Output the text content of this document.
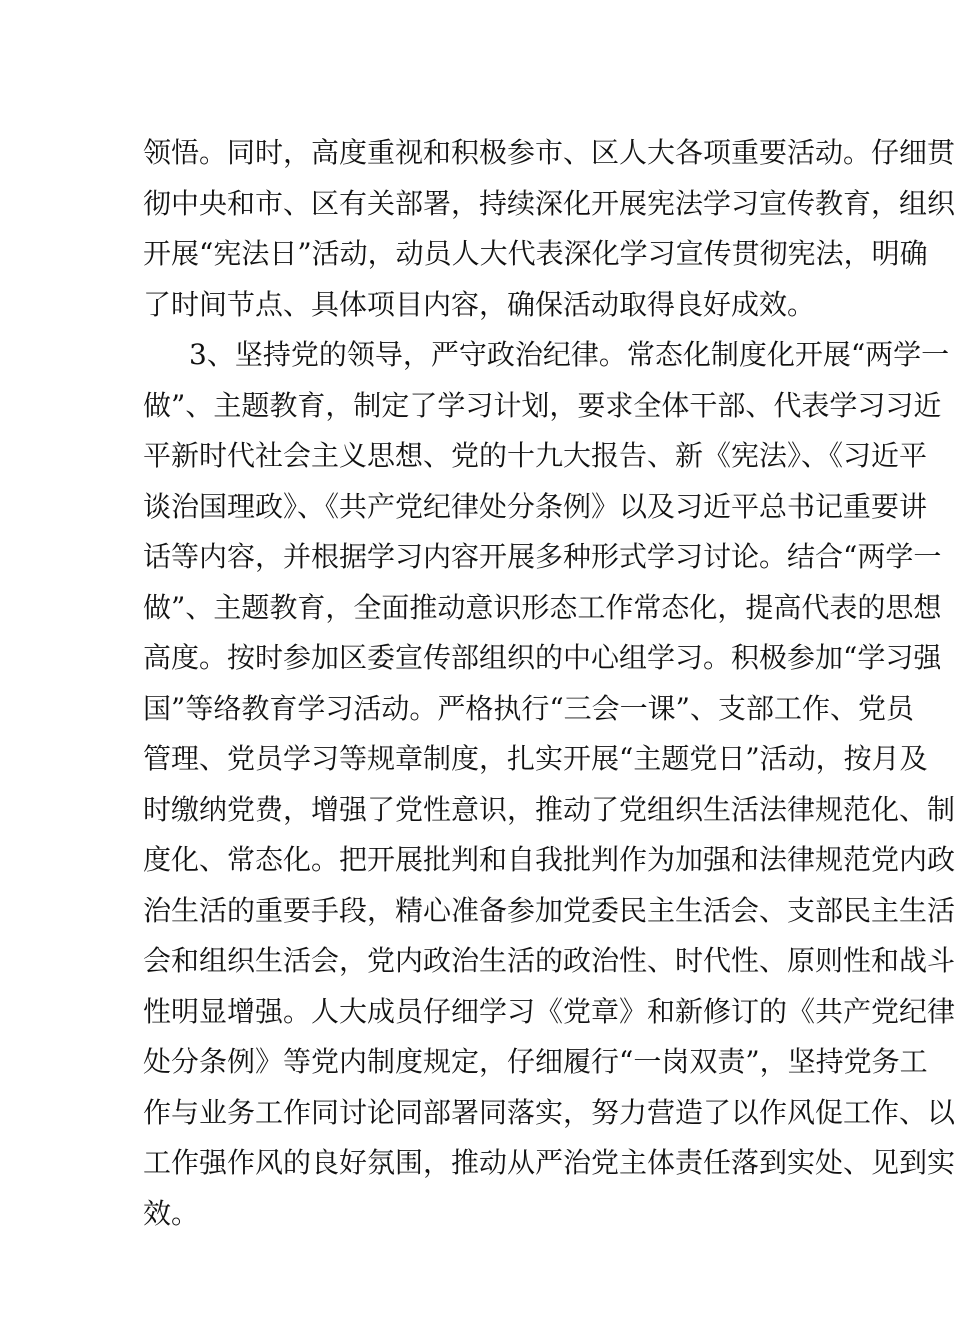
领悟。同时，高度重视和积极参市、区人大各项重要活动。仔细贯
彻中央和市、区有关部署，持续深化开展宪法学习宣传教育，组织
开展“宪法日”活动，动员人大代表深化学习宣传贯彻宪法，明确
了时间节点、具体项目内容，确保活动取得良好成效。
3、坚持党的领导，严守政治纪律。常态化制度化开展“两学一
做”、主题教育，制定了学习计划，要求全体干部、代表学习习近
平新时代社会主义思想、党的十九大报告、新《宪法》、《习近平
谈治国理政》、《共产党纪律处分条例》以及习近平总书记重要讲
话等内容，并根据学习内容开展多种形式学习讨论。结合“两学一
做”、主题教育，全面推动意识形态工作常态化，提高代表的思想
高度。按时参加区委宣传部组织的中心组学习。积极参加“学习强
国”等络教育学习活动。严格执行“三会一课”、支部工作、党员
管理、党员学习等规章制度，扎实开展“主题党日”活动，按月及
时缴纳党费，增强了党性意识，推动了党组织生活法律规范化、制
度化、常态化。把开展批判和自我批判作为加强和法律规范党内政
治生活的重要手段，精心准备参加党委民主生活会、支部民主生活
会和组织生活会，党内政治生活的政治性、时代性、原则性和战斗
性明显增强。人大成员仔细学习《党章》和新修订的《共产党纪律
处分条例》等党内制度规定，仔细履行“一岗双责”，坚持党务工
作与业务工作同讨论同部署同落实，努力营造了以作风促工作、以
工作强作风的良好氛围，推动从严治党主体责任落到实处、见到实
效。
